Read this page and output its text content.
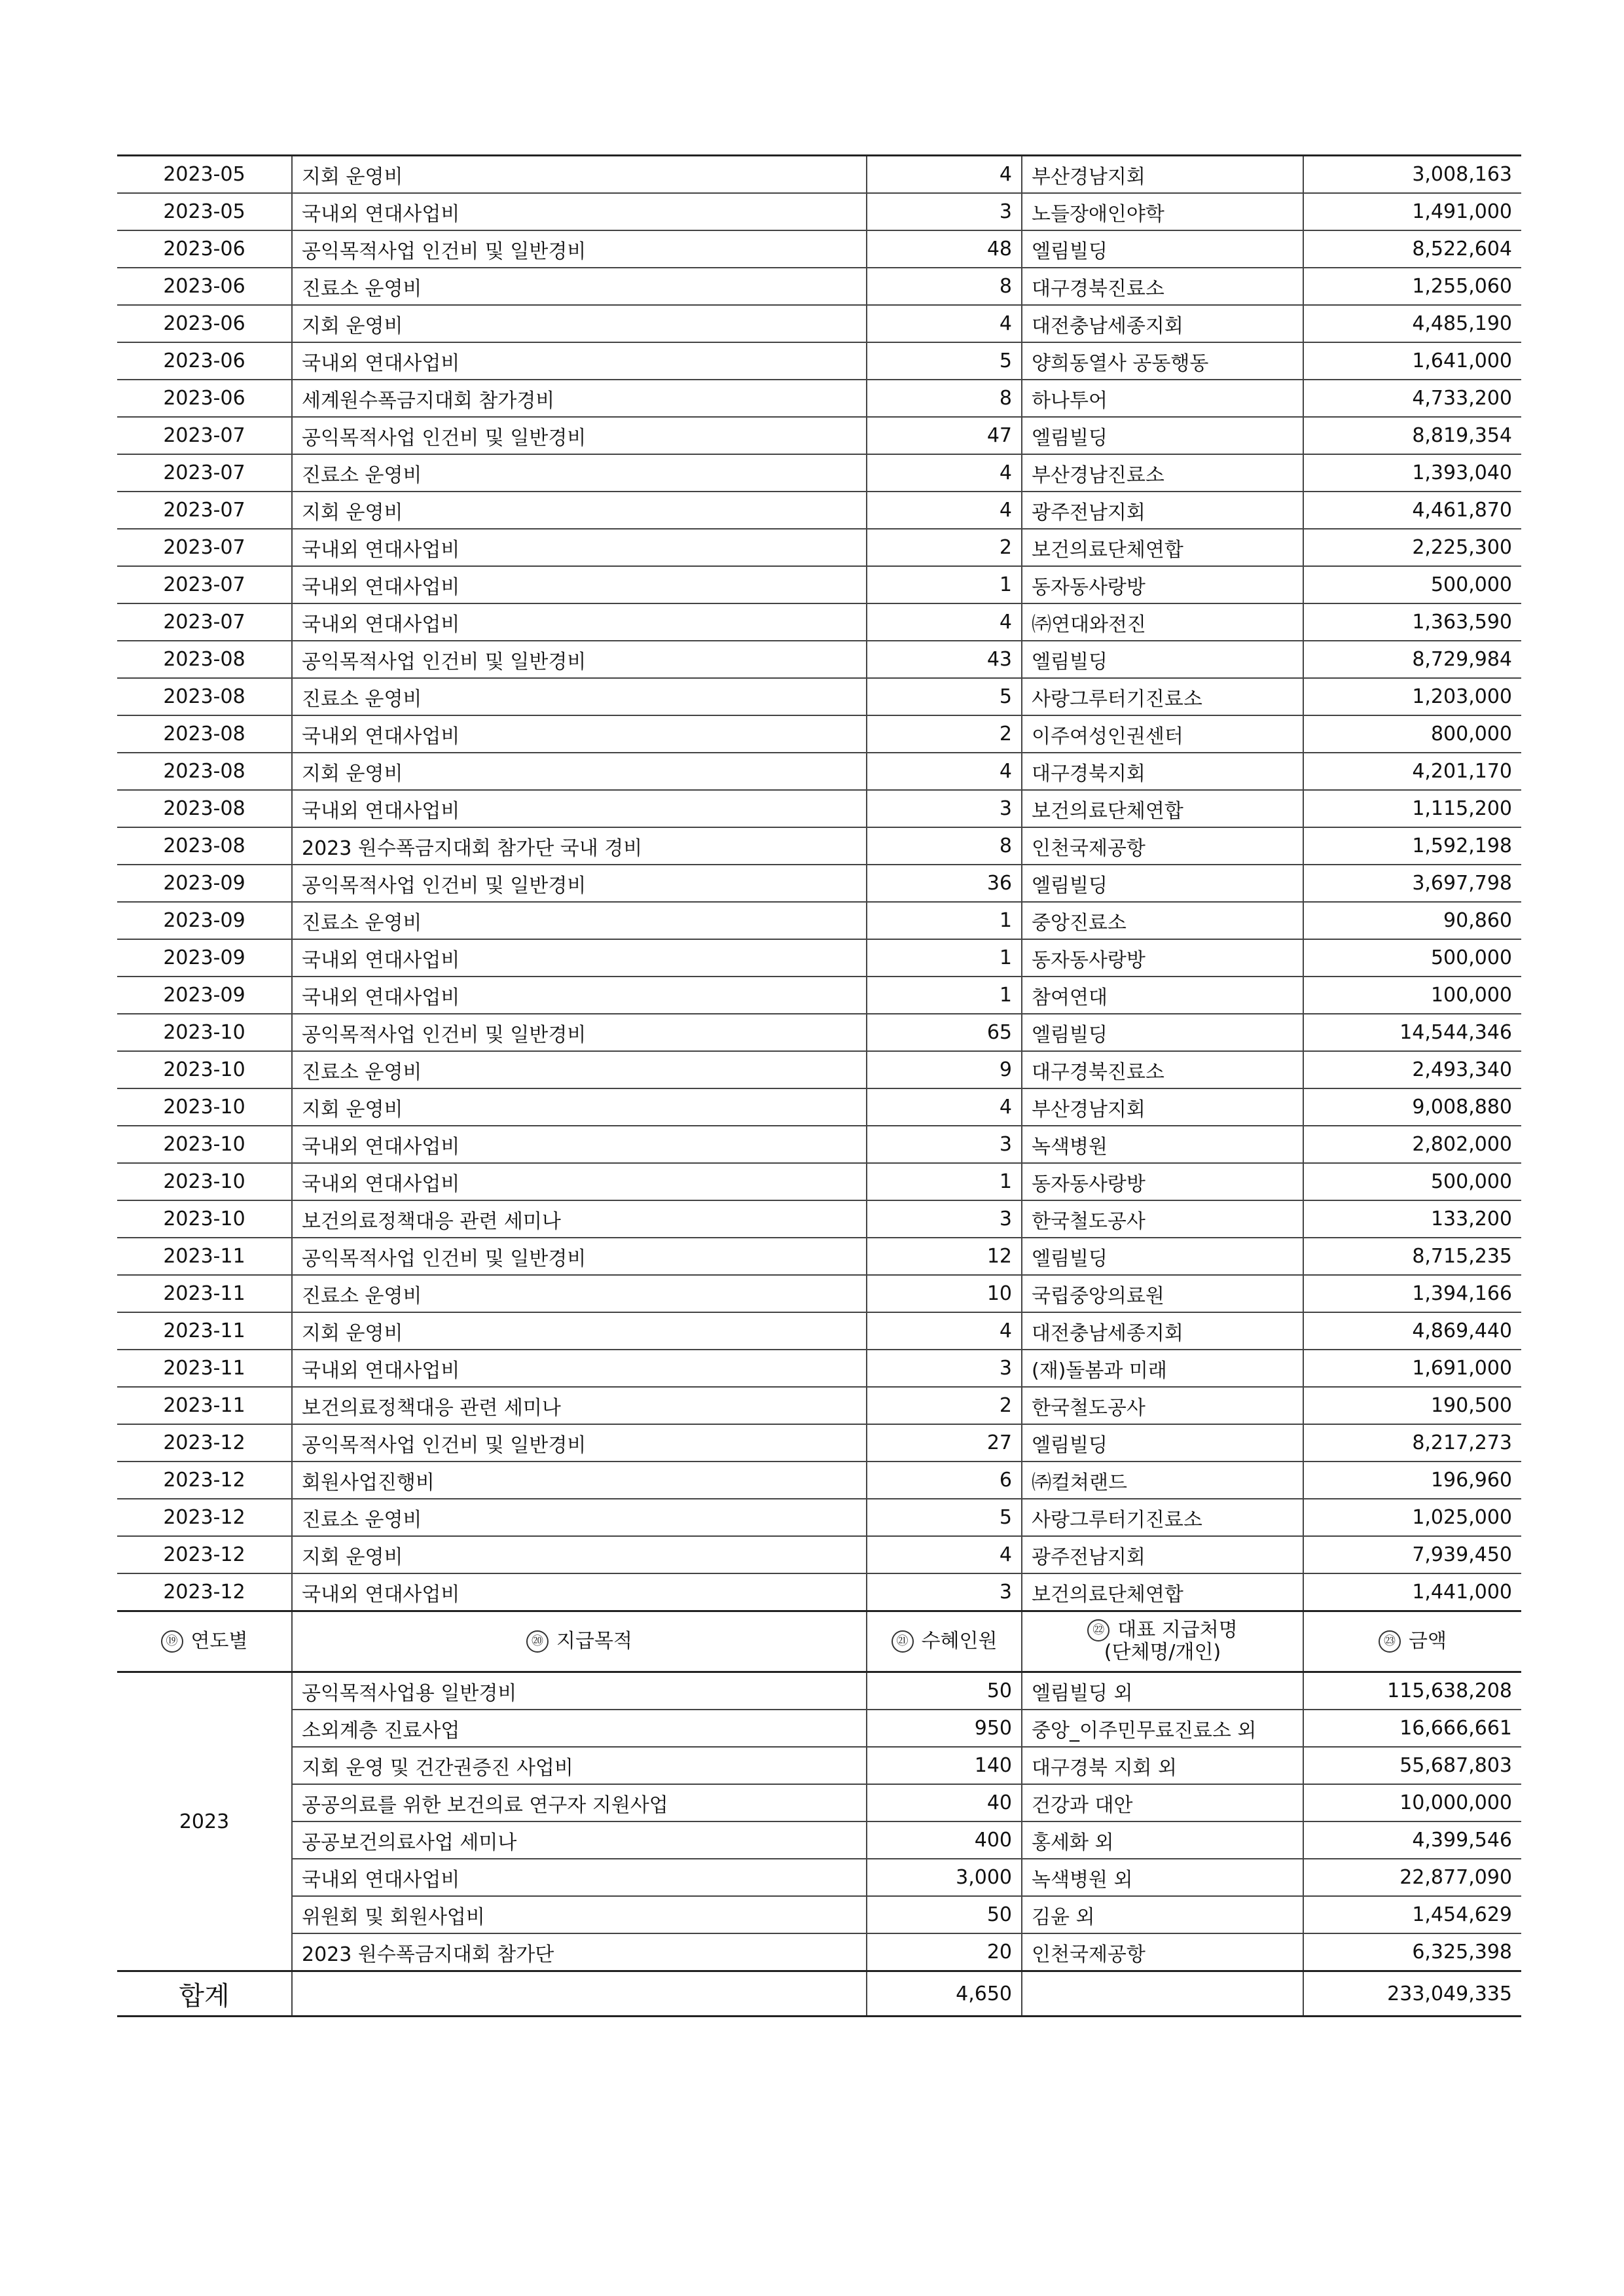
2023-05	지회 운영비	4	부산경남지회	3,008,163
2023-05	국내외 연대사업비	3	노들장애인야학	1,491,000
2023-06	공익목적사업 인건비 및 일반경비	48	엘림빌딩	8,522,604
2023-06	진료소 운영비	8	대구경북진료소	1,255,060
2023-06	지회 운영비	4	대전충남세종지회	4,485,190
2023-06	국내외 연대사업비	5	양희동열사 공동행동	1,641,000
2023-06	세계원수폭금지대회 참가경비	8	하나투어	4,733,200
2023-07	공익목적사업 인건비 및 일반경비	47	엘림빌딩	8,819,354
2023-07	진료소 운영비	4	부산경남진료소	1,393,040
2023-07	지회 운영비	4	광주전남지회	4,461,870
2023-07	국내외 연대사업비	2	보건의료단체연합	2,225,300
2023-07	국내외 연대사업비	1	동자동사랑방	500,000
2023-07	국내외 연대사업비	4	㈜연대와전진	1,363,590
2023-08	공익목적사업 인건비 및 일반경비	43	엘림빌딩	8,729,984
2023-08	진료소 운영비	5	사랑그루터기진료소	1,203,000
2023-08	국내외 연대사업비	2	이주여성인권센터	800,000
2023-08	지회 운영비	4	대구경북지회	4,201,170
2023-08	국내외 연대사업비	3	보건의료단체연합	1,115,200
2023-08	2023 원수폭금지대회 참가단 국내 경비	8	인천국제공항	1,592,198
2023-09	공익목적사업 인건비 및 일반경비	36	엘림빌딩	3,697,798
2023-09	진료소 운영비	1	중앙진료소	90,860
2023-09	국내외 연대사업비	1	동자동사랑방	500,000
2023-09	국내외 연대사업비	1	참여연대	100,000
2023-10	공익목적사업 인건비 및 일반경비	65	엘림빌딩	14,544,346
2023-10	진료소 운영비	9	대구경북진료소	2,493,340
2023-10	지회 운영비	4	부산경남지회	9,008,880
2023-10	국내외 연대사업비	3	녹색병원	2,802,000
2023-10	국내외 연대사업비	1	동자동사랑방	500,000
2023-10	보건의료정책대응 관련 세미나	3	한국철도공사	133,200
2023-11	공익목적사업 인건비 및 일반경비	12	엘림빌딩	8,715,235
2023-11	진료소 운영비	10	국립중앙의료원	1,394,166
2023-11	지회 운영비	4	대전충남세종지회	4,869,440
2023-11	국내외 연대사업비	3	(재)돌봄과 미래	1,691,000
2023-11	보건의료정책대응 관련 세미나	2	한국철도공사	190,500
2023-12	공익목적사업 인건비 및 일반경비	27	엘림빌딩	8,217,273
2023-12	회원사업진행비	6	㈜컬쳐랜드	196,960
2023-12	진료소 운영비	5	사랑그루터기진료소	1,025,000
2023-12	지회 운영비	4	광주전남지회	7,939,450
2023-12	국내외 연대사업비	3	보건의료단체연합	1,441,000
⑲ 연도별	⑳ 지급목적	㉑ 수혜인원	㉒ 대표 지급처명
(단체명/개인)	㉓ 금액
2023	공익목적사업용 일반경비	50	엘림빌딩 외	115,638,208
	소외계층 진료사업	950	중앙_이주민무료진료소 외	16,666,661
	지회 운영 및 건간권증진 사업비	140	대구경북 지회 외	55,687,803
	공공의료를 위한 보건의료 연구자 지원사업	40	건강과 대안	10,000,000
	공공보건의료사업 세미나	400	홍세화 외	4,399,546
	국내외 연대사업비	3,000	녹색병원 외	22,877,090
	위원회 및 회원사업비	50	김윤 외	1,454,629
	2023 원수폭금지대회 참가단	20	인천국제공항	6,325,398
합계		4,650		233,049,335
